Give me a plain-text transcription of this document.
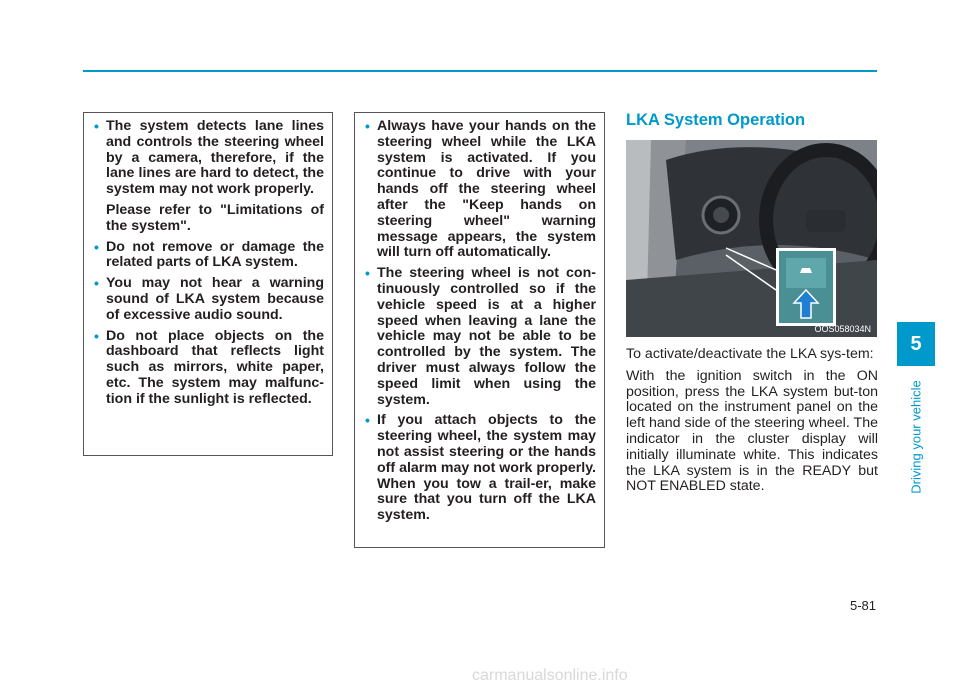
• The system detects lane lines and controls the steering wheel by a camera, therefore, if the lane lines are hard to detect, the system may not work properly.

Please refer to "Limitations of the system".

• Do not remove or damage the related parts of LKA system.

• You may not hear a warning sound of LKA system because of excessive audio sound.

• Do not place objects on the dashboard that reflects light such as mirrors, white paper, etc. The system may malfunc-tion if the sunlight is reflected.

• Always have your hands on the steering wheel while the LKA system is activated. If you continue to drive with your hands off the steering wheel after the "Keep hands on steering wheel" warning message appears, the system will turn off automatically.

• The steering wheel is not con-tinuously controlled so if the vehicle speed is at a higher speed when leaving a lane the vehicle may not be able to be controlled by the system. The driver must always follow the speed limit when using the system.

• If you attach objects to the steering wheel, the system may not assist steering or the hands off alarm may not work properly. When you tow a trail-er, make sure that you turn off the LKA system.

LKA System Operation
OOS058034N

To activate/deactivate the LKA sys-tem:

With the ignition switch in the ON position, press the LKA system but-ton located on the instrument panel on the left hand side of the steering wheel. The indicator in the cluster display will initially illuminate white. This indicates the LKA system is in the READY but NOT ENABLED state.

5
Driving your vehicle
5-81
carmanualsonline.info
